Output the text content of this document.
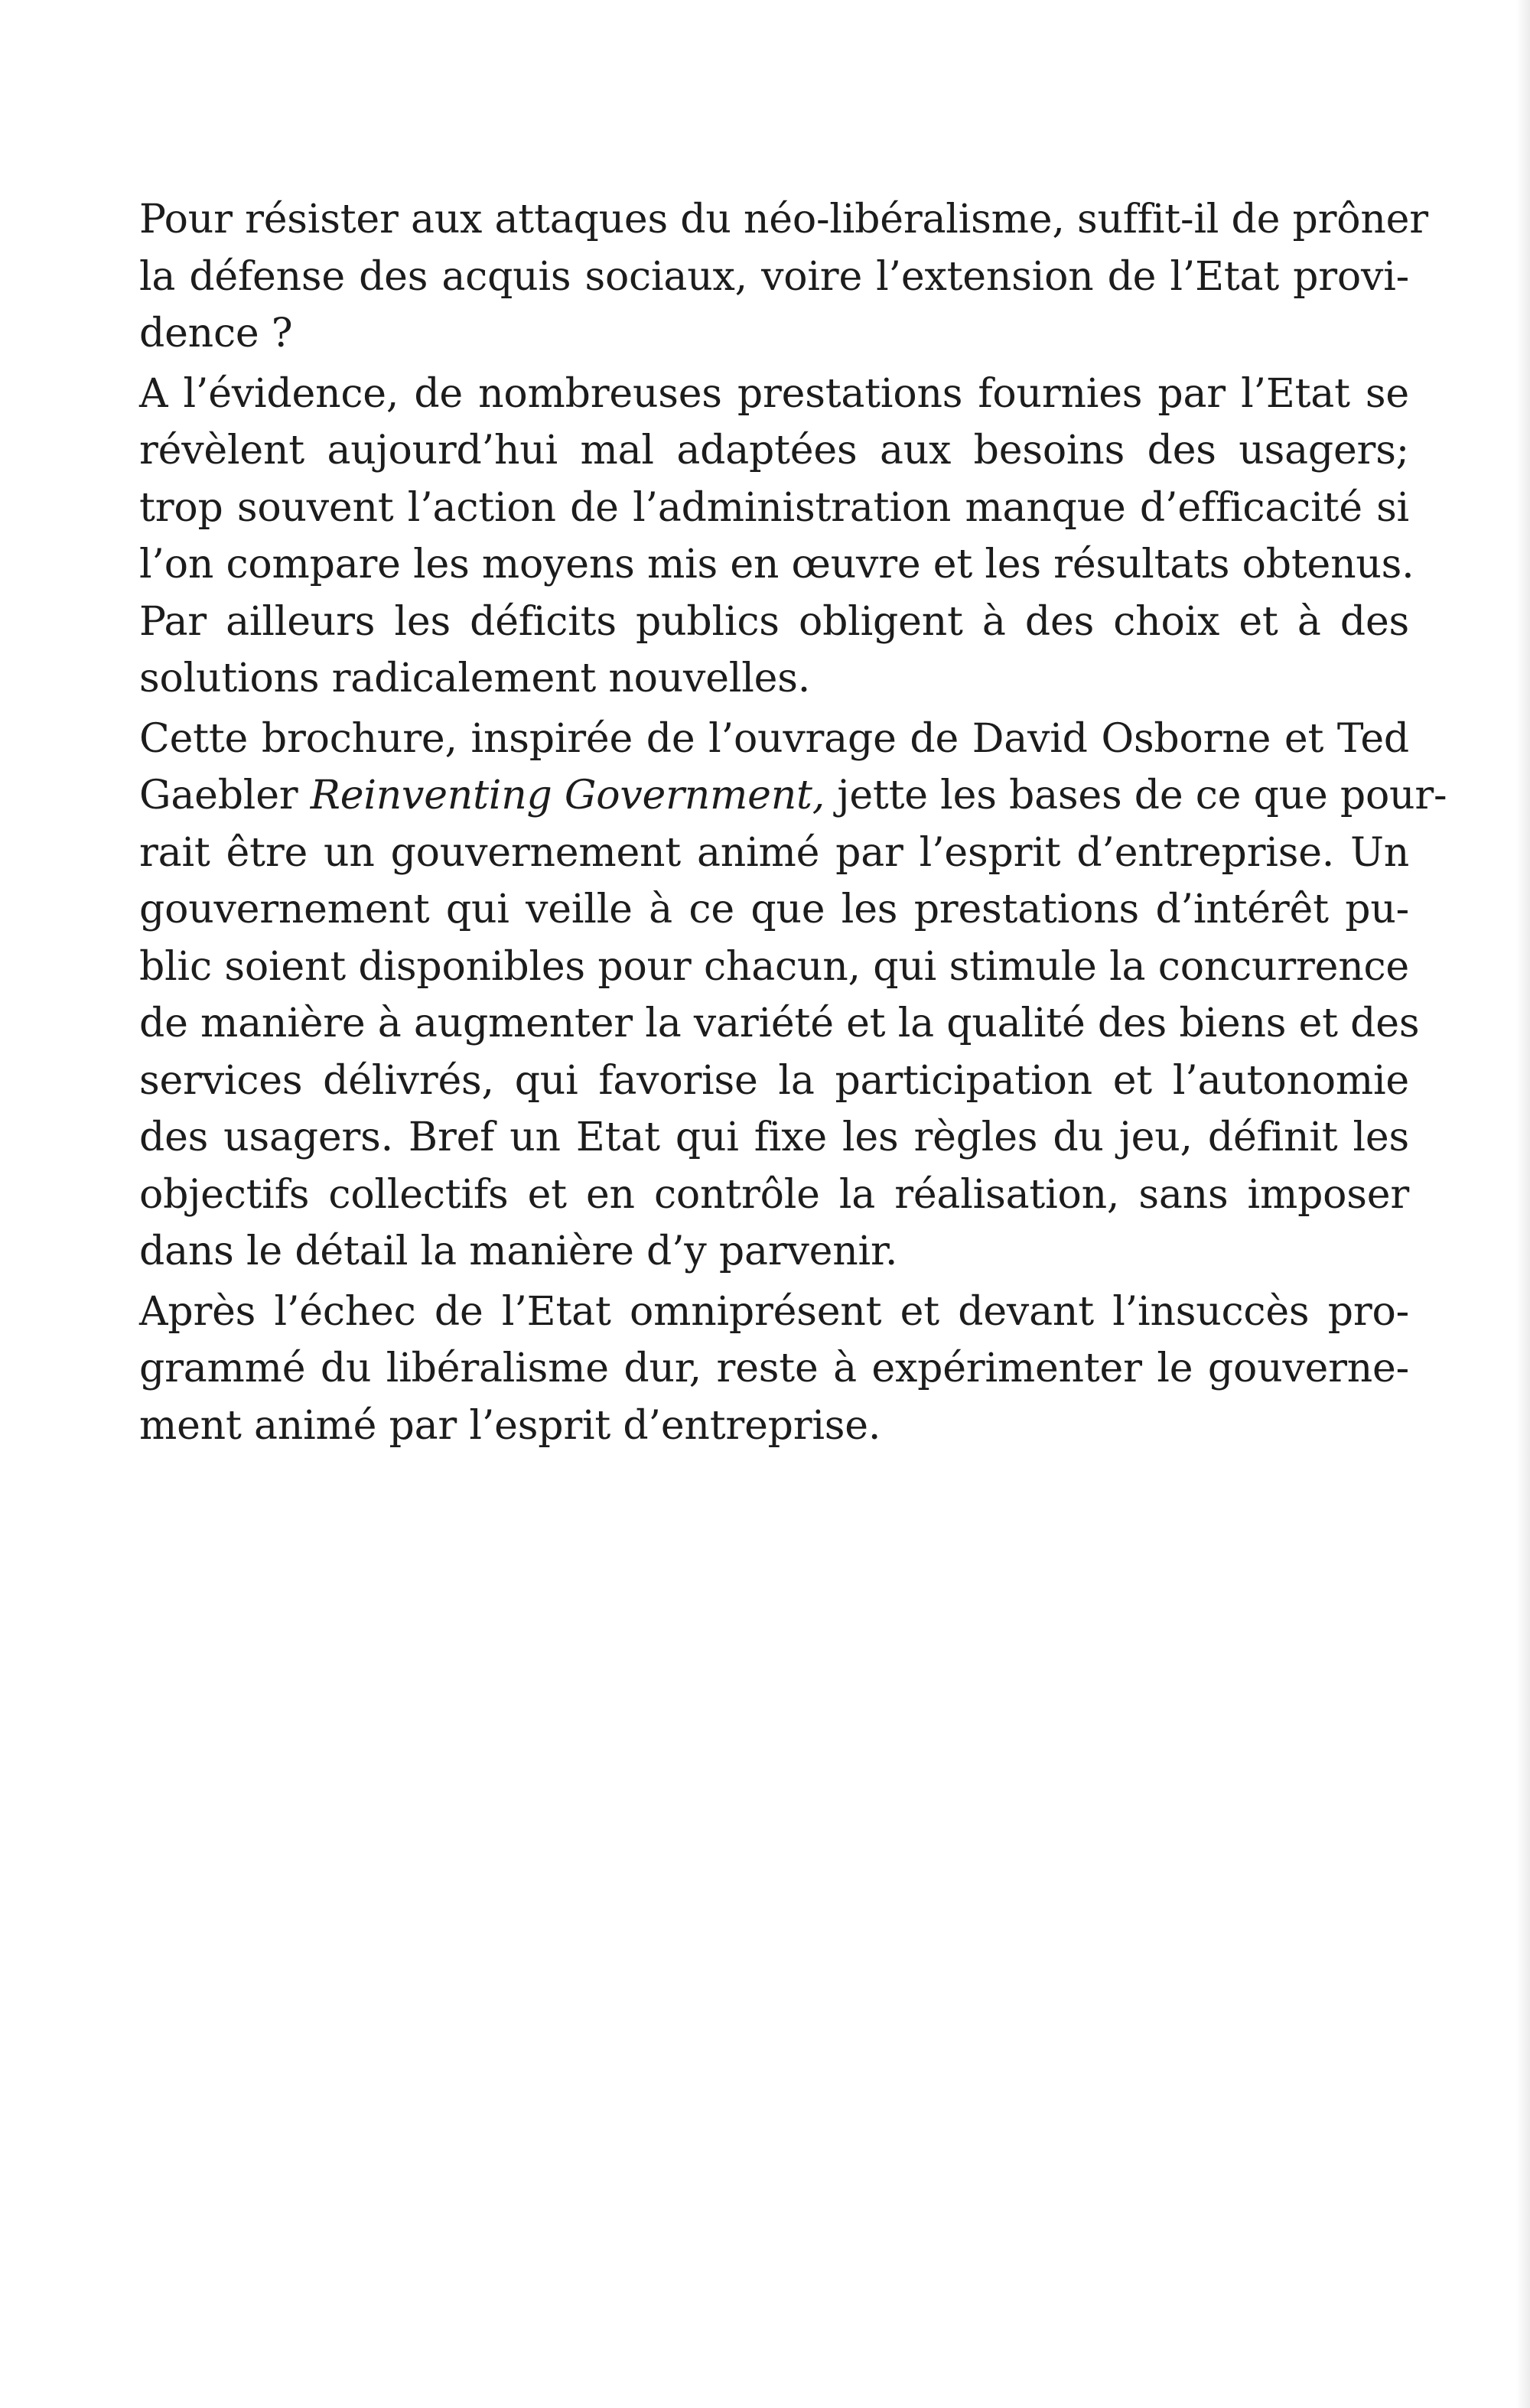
Pour résister aux attaques du néo-libéralisme, suffit-il de prôner
la défense des acquis sociaux, voire l’extension de l’Etat provi-
dence ?

A l’évidence, de nombreuses prestations fournies par l’Etat se
révèlent aujourd’hui mal adaptées aux besoins des usagers;
trop souvent l’action de l’administration manque d’efficacité si
l’on compare les moyens mis en œuvre et les résultats obtenus.
Par ailleurs les déficits publics obligent à des choix et à des
solutions radicalement nouvelles.

Cette brochure, inspirée de l’ouvrage de David Osborne et Ted
Gaebler Reinventing Government, jette les bases de ce que pour-
rait être un gouvernement animé par l’esprit d’entreprise. Un
gouvernement qui veille à ce que les prestations d’intérêt pu-
blic soient disponibles pour chacun, qui stimule la concurrence
de manière à augmenter la variété et la qualité des biens et des
services délivrés, qui favorise la participation et l’autonomie
des usagers. Bref un Etat qui fixe les règles du jeu, définit les
objectifs collectifs et en contrôle la réalisation, sans imposer
dans le détail la manière d’y parvenir.

Après l’échec de l’Etat omniprésent et devant l’insuccès pro-
grammé du libéralisme dur, reste à expérimenter le gouverne-
ment animé par l’esprit d’entreprise.
